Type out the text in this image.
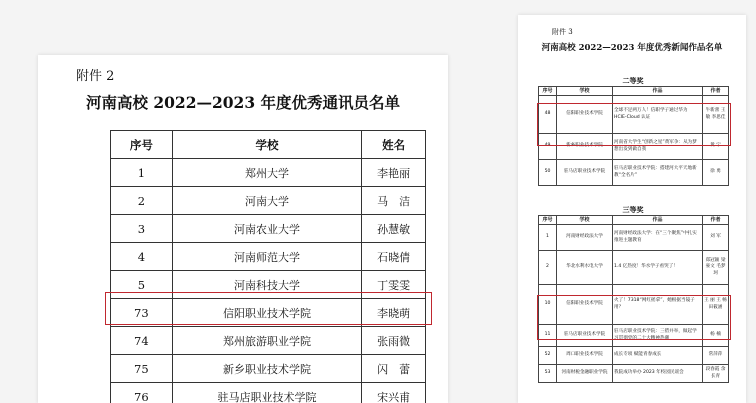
附件 2
河南高校 2022—2023 年度优秀通讯员名单
序号	学校	姓名
1	郑州大学	李艳丽
2	河南大学	马　洁
3	河南农业大学	孙慧敏
4	河南师范大学	石晓倩
5	河南科技大学	丁雯雯
73	信阳职业技术学院	李晓萌
74	郑州旅游职业学院	张雨微
75	新乡职业技术学院	闪　蕾
76	驻马店职业技术学院	宋兴甫
附件 3
河南高校 2022—2023 年度优秀新闻作品名单
二等奖
序号	学校	作品	作者
48	信阳职业技术学院	全球不足两万人！信职学子通过华为 HCIE-Cloud 认证	牛新蕾 王 敏 李思佳
49	新乡职业技术学院	河南省大学生“创新之星”黄军争：从为梦想出发到做自我	黄 宁
50	驻马店职业技术学院	驻马店职业技术学院：搭建河大平天地新教“全名片”	徐 勇
三等奖
序号	学校	作品	作者
1	河南财经政法大学	河南财经政法大学：在“三个聚焦”中扎实推进主题教育	刘 军
2	华北水利水电大学	1.4 亿热度！华水学子看哭了！	郑冠颖 梁豪文 毛梦珂
10	信阳职业技术学院	火了！7318“网红摇拿”，她根据当镜子用？	王 丽 王 畅 田筱涵
11	驻马店职业技术学院	驻马店职业技术学院：三措并举，做起学习贯彻党的二十大精神热潮	杨 楠
52	周口职业技术学院	成长专项 赋能青春成长	常萍萍
53	河南财税金融职业学院	我院成功举办 2023 年校园民谣会	段春霞 余长青
